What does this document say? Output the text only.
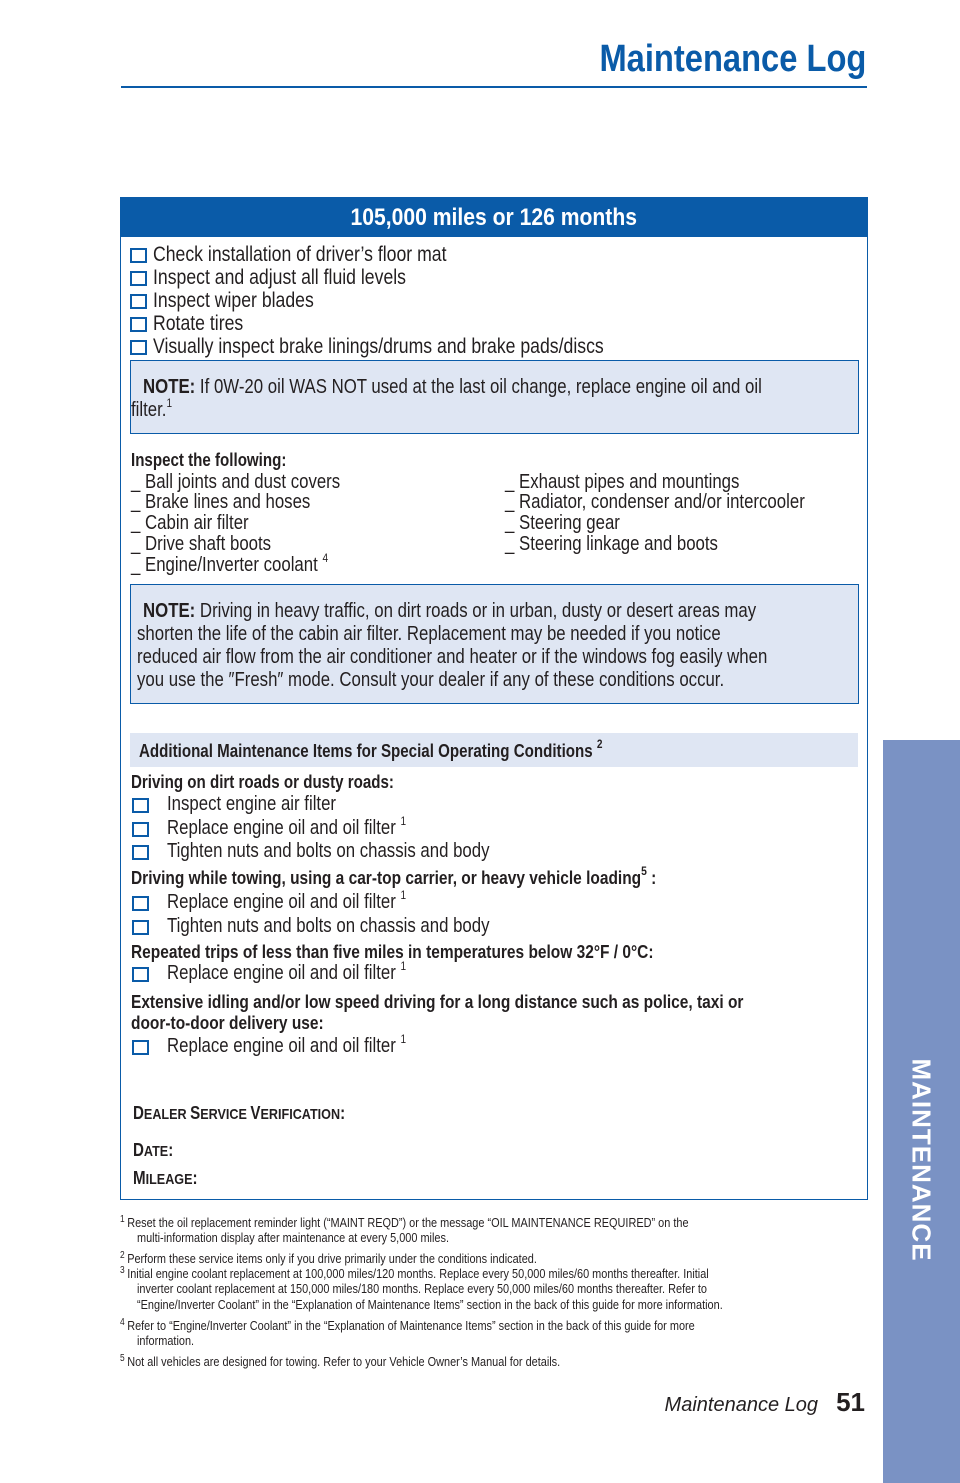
Maintenance Log
MAINTENANCE
105,000 miles or 126 months
Check installation of driver’s floor mat
Inspect and adjust all fluid levels
Inspect wiper blades
Rotate tires
Visually inspect brake linings/drums and brake pads/discs
NOTE: If 0W-20 oil WAS NOT used at the last oil change, replace engine oil and oil
filter.$^1$
Inspect the following:
_ Ball joints and dust covers
_ Brake lines and hoses
_ Cabin air filter
_ Drive shaft boots
_ Engine/Inverter coolant $^4$
_ Exhaust pipes and mountings
_ Radiator, condenser and/or intercooler
_ Steering gear
_ Steering linkage and boots
NOTE: Driving in heavy traffic, on dirt roads or in urban, dusty or desert areas may
shorten the life of the cabin air filter. Replacement may be needed if you notice
reduced air flow from the air conditioner and heater or if the windows fog easily when
you use the ″Fresh″ mode. Consult your dealer if any of these conditions occur.
Additional Maintenance Items for Special Operating Conditions $^2$
Driving on dirt roads or dusty roads:
Inspect engine air filter
Replace engine oil and oil filter $^1$
Tighten nuts and bolts on chassis and body
Driving while towing, using a car-top carrier, or heavy vehicle loading$^5$ :
Replace engine oil and oil filter $^1$
Tighten nuts and bolts on chassis and body
Repeated trips of less than five miles in temperatures below 32°F / 0°C:
Replace engine oil and oil filter $^1$
Extensive idling and/or low speed driving for a long distance such as police, taxi or
door-to-door delivery use:
Replace engine oil and oil filter $^1$
DEALER SERVICE VERIFICATION:
DATE:
MILEAGE:
$^1$ Reset the oil replacement reminder light (“MAINT REQD”) or the message “OIL MAINTENANCE REQUIRED” on the
multi-information display after maintenance at every 5,000 miles.
$^2$ Perform these service items only if you drive primarily under the conditions indicated.
$^3$ Initial engine coolant replacement at 100,000 miles/120 months. Replace every 50,000 miles/60 months thereafter. Initial
inverter coolant replacement at 150,000 miles/180 months. Replace every 50,000 miles/60 months thereafter. Refer to
“Engine/Inverter Coolant” in the “Explanation of Maintenance Items” section in the back of this guide for more information.
$^4$ Refer to “Engine/Inverter Coolant” in the “Explanation of Maintenance Items” section in the back of this guide for more
information.
$^5$ Not all vehicles are designed for towing. Refer to your Vehicle Owner’s Manual for details.
Maintenance Log 51
